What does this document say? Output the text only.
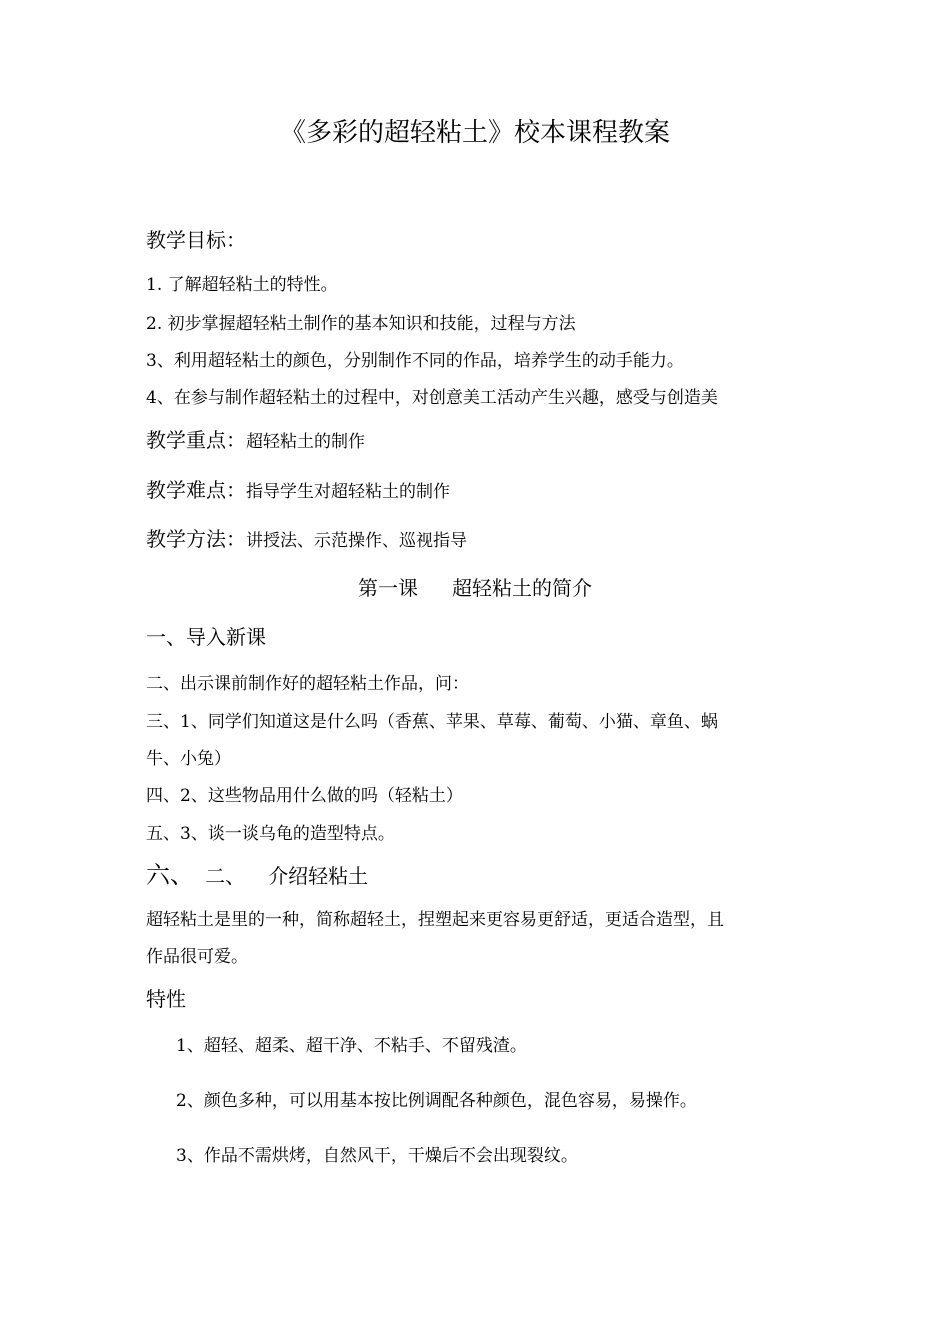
《多彩的超轻粘土》校本课程教案
教学目标：
1. 了解超轻粘土的特性。
2. 初步掌握超轻粘土制作的基本知识和技能，过程与方法
3、利用超轻粘土的颜色，分别制作不同的作品，培养学生的动手能力。
4、在参与制作超轻粘土的过程中，对创意美工活动产生兴趣，感受与创造美
教学重点：超轻粘土的制作
教学难点：指导学生对超轻粘土的制作
教学方法：讲授法、示范操作、巡视指导
第一课 超轻粘土的简介
一、导入新课
二、出示课前制作好的超轻粘土作品，问：
三、1、同学们知道这是什么吗（香蕉、苹果、草莓、葡萄、小猫、章鱼、蜗
牛、小兔）
四、2、这些物品用什么做的吗（轻粘土）
五、3、谈一谈乌龟的造型特点。
六、 二、 介绍轻粘土
超轻粘土是里的一种，简称超轻土，捏塑起来更容易更舒适，更适合造型，且
作品很可爱。
特性
1、超轻、超柔、超干净、不粘手、不留残渣。
2、颜色多种，可以用基本按比例调配各种颜色，混色容易，易操作。
3、作品不需烘烤，自然风干，干燥后不会出现裂纹。
